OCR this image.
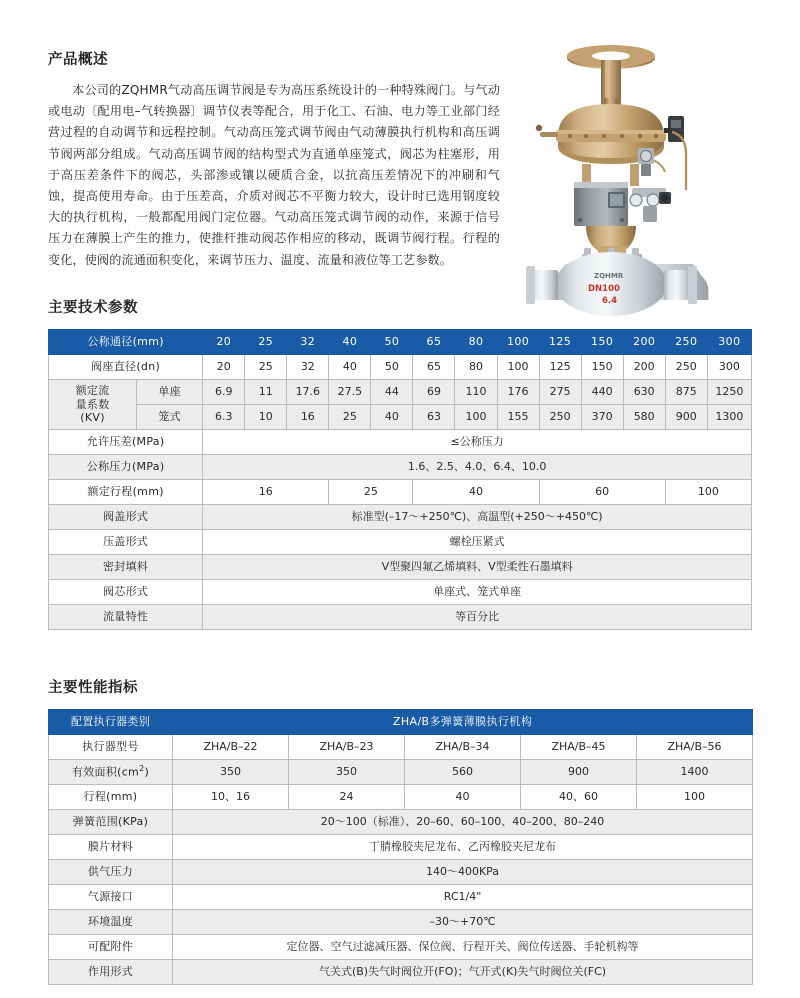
产品概述

本公司的ZQHMR气动高压调节阀是专为高压系统设计的一种特殊阀门。与气动或电动〔配用电–气转换器〕调节仪表等配合，用于化工、石油、电力等工业部门经营过程的自动调节和远程控制。气动高压笼式调节阀由气动薄膜执行机构和高压调节阀两部分组成。气动高压调节阀的结构型式为直通单座笼式，阀芯为柱塞形，用于高压差条件下的阀芯，头部渗或镶以硬质合金，以抗高压差情况下的冲刷和气蚀，提高使用寿命。由于压差高，介质对阀芯不平衡力较大，设计时已选用钢度较大的执行机构，一般都配用阀门定位器。气动高压笼式调节阀的动作，来源于信号压力在薄膜上产生的推力，使推杆推动阀芯作相应的移动，既调节阀行程。行程的变化，使阀的流通面积变化，来调节压力、温度、流量和液位等工艺参数。

ZQHMR
DN100
6.4
主要技术参数
公称通径(mm)		20	25	32	40	50	65	80	100	125	150	200	250	300
阀座直径(dn)		20	25	32	40	50	65	80	100	125	150	200	250	300

额定流
量系数
(KV)	单座	6.9	11	17.6	27.5	44	69	110	176	275	440	630	875	1250
	笼式	6.3	10	16	25	40	63	100	155	250	370	580	900	1300
允许压差(MPa)		≤公称压力												
公称压力(MPa)		1.6、2.5、4.0、6.4、10.0												
额定行程(mm)		16			25		40			60			100	
阀盖形式		标准型(–17～+250℃)、高温型(+250～+450℃)												
压盖形式		螺栓压紧式												
密封填料		V型聚四氟乙烯填料、V型柔性石墨填料												
阀芯形式		单座式、笼式单座												
流量特性		等百分比												
主要性能指标
配置执行器类别	ZHA/B多弹簧薄膜执行机构				
执行器型号	ZHA/B–22	ZHA/B–23	ZHA/B–34	ZHA/B–45	ZHA/B–56
有效面积$(cm^2)$	350	350	560	900	1400
行程(mm)	10、16	24	40	40、60	100
弹簧范围(KPa)	20～100（标准）、20–60、60–100、40–200、80–240				
膜片材料	丁腈橡胶夹尼龙布、乙丙橡胶夹尼龙布				
供气压力	140～400KPa				
气源接口	RC1/4"				
环境温度	–30～+70℃				
可配附件	定位器、空气过滤减压器、保位阀、行程开关、阀位传送器、手轮机构等				
作用形式	气关式(B)失气时阀位开(FO)；气开式(K)失气时阀位关(FC)				
